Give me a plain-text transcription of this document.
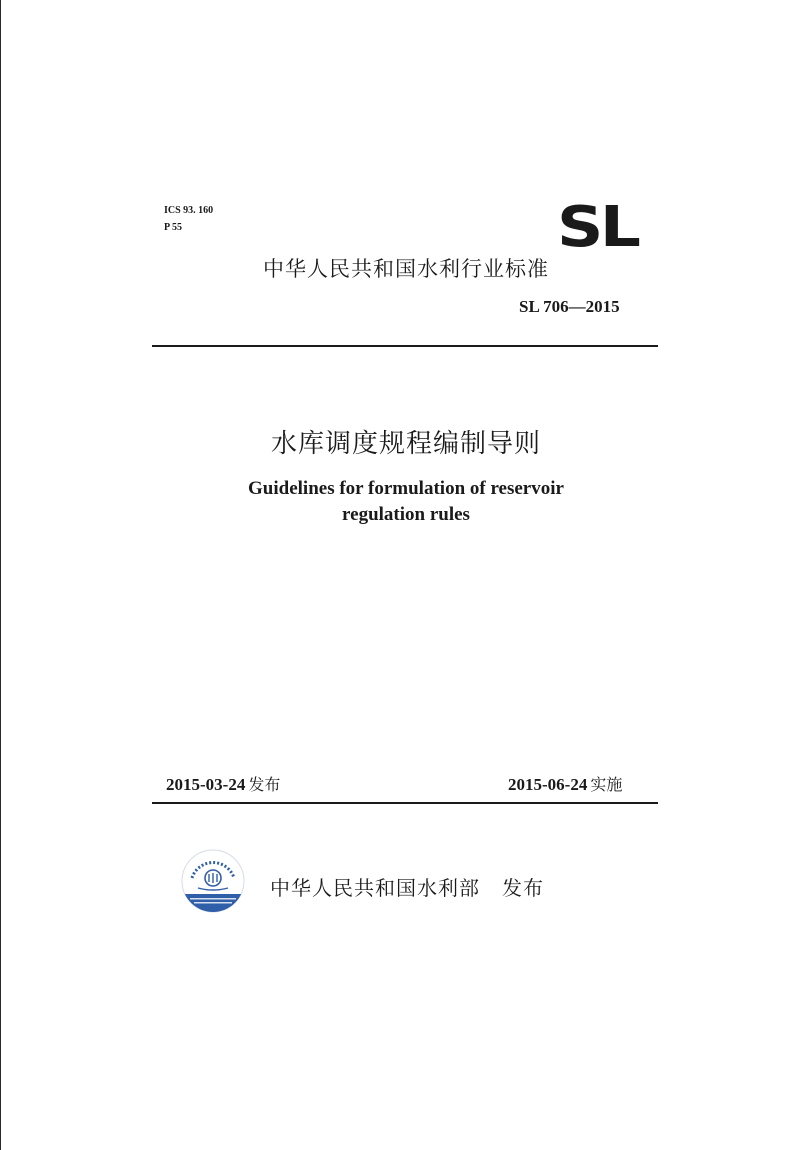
ICS 93. 160
P 55	SL
中华人民共和国水利行业标准
SL 706—2015
水库调度规程编制导则
Guidelines for formulation of reservoir
regulation rules
2015-03-24 发布	2015-06-24 实施
中华人民共和国水利部 发布
